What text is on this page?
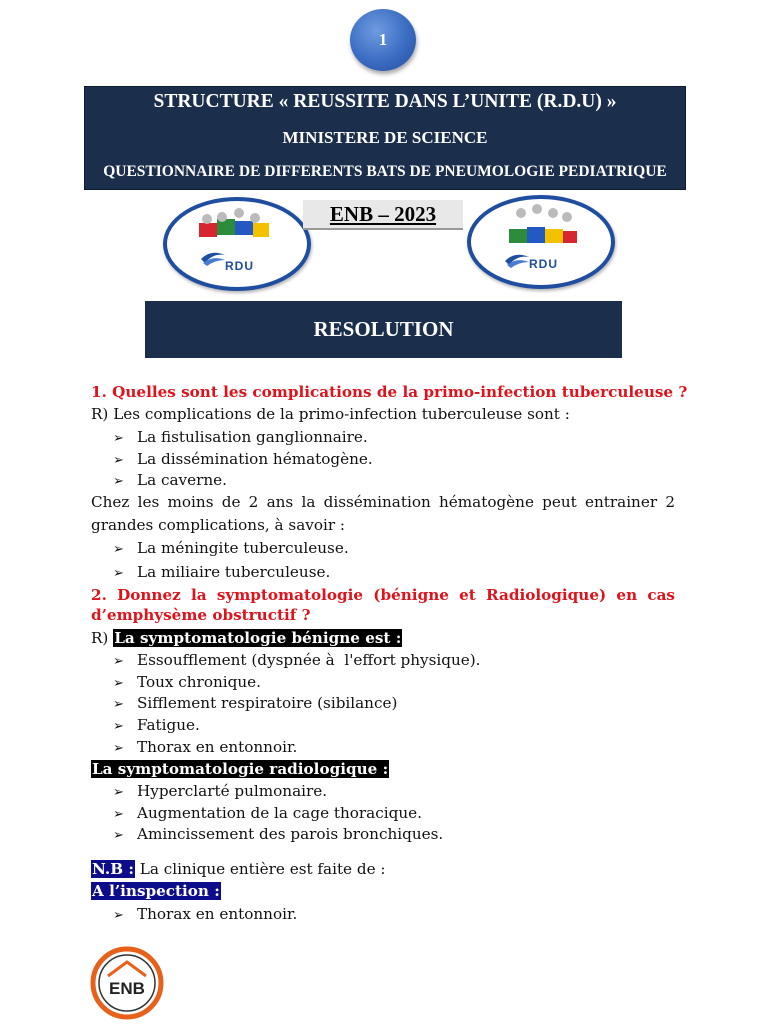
1
STRUCTURE « REUSSITE DANS L’UNITE (R.D.U) »
MINISTERE DE SCIENCE
QUESTIONNAIRE DE DIFFERENTS BATS DE PNEUMOLOGIE PEDIATRIQUE
RDU
ENB – 2023
RDU
RESOLUTION
1. Quelles sont les complications de la primo-infection tuberculeuse ?
R) Les complications de la primo-infection tuberculeuse sont :
➢ La fistulisation ganglionnaire.
➢ La dissémination hématogène.
➢ La caverne.
Chez les moins de 2 ans la dissémination hématogène peut entrainer 2
grandes complications, à savoir :
➢ La méningite tuberculeuse.
➢ La miliaire tuberculeuse.
2. Donnez la symptomatologie (bénigne et Radiologique) en cas
d’emphysème obstructif ?
R) La symptomatologie bénigne est :
➢ Essoufflement (dyspnée à  l'effort physique).
➢ Toux chronique.
➢ Sifflement respiratoire (sibilance)
➢ Fatigue.
➢ Thorax en entonnoir.
La symptomatologie radiologique :
➢ Hyperclarté pulmonaire.
➢ Augmentation de la cage thoracique.
➢ Amincissement des parois bronchiques.
N.B : La clinique entière est faite de :
A l’inspection :
➢ Thorax en entonnoir.
ENB
